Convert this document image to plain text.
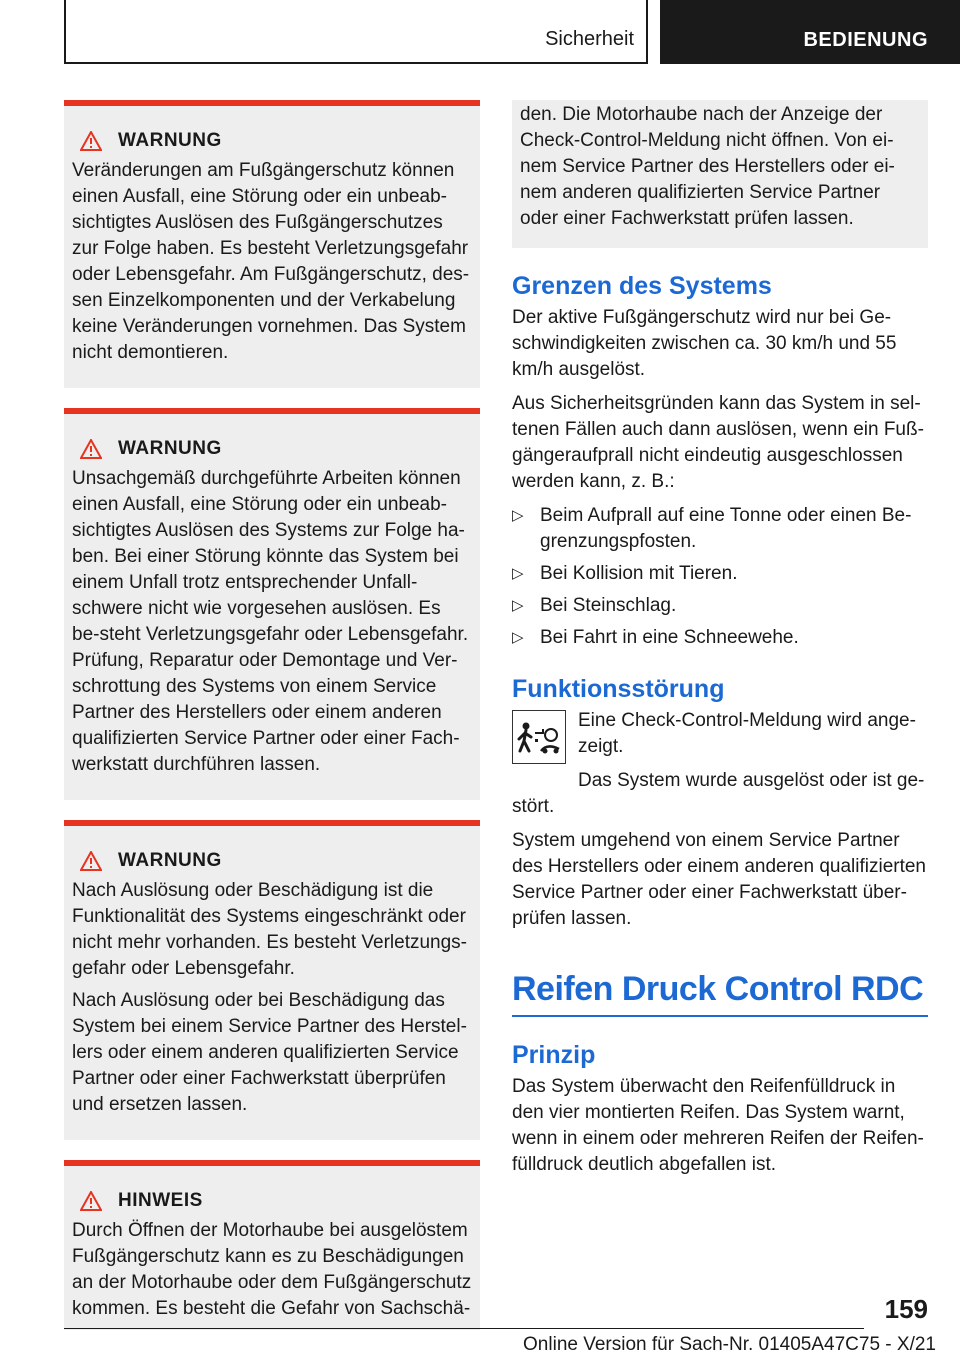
Sicherheit	BEDIENUNG
WARNUNG

Veränderungen am Fußgängerschutz können einen Ausfall, eine Störung oder ein unbeab-sichtigtes Auslösen des Fußgängerschutzes zur Folge haben. Es besteht Verletzungsgefahr oder Lebensgefahr. Am Fußgängerschutz, des-sen Einzelkomponenten und der Verkabelung keine Veränderungen vornehmen. Das System nicht demontieren.

WARNUNG

Unsachgemäß durchgeführte Arbeiten können einen Ausfall, eine Störung oder ein unbeab-sichtigtes Auslösen des Systems zur Folge ha-ben. Bei einer Störung könnte das System bei einem Unfall trotz entsprechender Unfall-schwere nicht wie vorgesehen auslösen. Es be-steht Verletzungsgefahr oder Lebensgefahr. Prüfung, Reparatur oder Demontage und Ver-schrottung des Systems von einem Service Partner des Herstellers oder einem anderen qualifizierten Service Partner oder einer Fach-werkstatt durchführen lassen.

WARNUNG

Nach Auslösung oder Beschädigung ist die Funktionalität des Systems eingeschränkt oder nicht mehr vorhanden. Es besteht Verletzungs-gefahr oder Lebensgefahr.

Nach Auslösung oder bei Beschädigung das System bei einem Service Partner des Herstel-lers oder einem anderen qualifizierten Service Partner oder einer Fachwerkstatt überprüfen und ersetzen lassen.

HINWEIS

Durch Öffnen der Motorhaube bei ausgelöstem Fußgängerschutz kann es zu Beschädigungen an der Motorhaube oder dem Fußgängerschutz kommen. Es besteht die Gefahr von Sachschä-

den. Die Motorhaube nach der Anzeige der Check-Control-Meldung nicht öffnen. Von ei-nem Service Partner des Herstellers oder ei-nem anderen qualifizierten Service Partner oder einer Fachwerkstatt prüfen lassen.

Grenzen des Systems

Der aktive Fußgängerschutz wird nur bei Ge-schwindigkeiten zwischen ca. 30 km/h und 55 km/h ausgelöst.

Aus Sicherheitsgründen kann das System in sel-tenen Fällen auch dann auslösen, wenn ein Fuß-gängeraufprall nicht eindeutig ausgeschlossen werden kann, z. B.:

▷ Beim Aufprall auf eine Tonne oder einen Be-grenzungspfosten.
▷ Bei Kollision mit Tieren.
▷ Bei Steinschlag.
▷ Bei Fahrt in eine Schneewehe.
Funktionsstörung

Eine Check-Control-Meldung wird ange-zeigt.

Das System wurde ausgelöst oder ist ge-stört.

System umgehend von einem Service Partner des Herstellers oder einem anderen qualifizierten Service Partner oder einer Fachwerkstatt über-prüfen lassen.

Reifen Druck Control RDC
Prinzip

Das System überwacht den Reifenfülldruck in den vier montierten Reifen. Das System warnt, wenn in einem oder mehreren Reifen der Reifen-fülldruck deutlich abgefallen ist.

159
Online Version für Sach-Nr. 01405A47C75 - X/21
